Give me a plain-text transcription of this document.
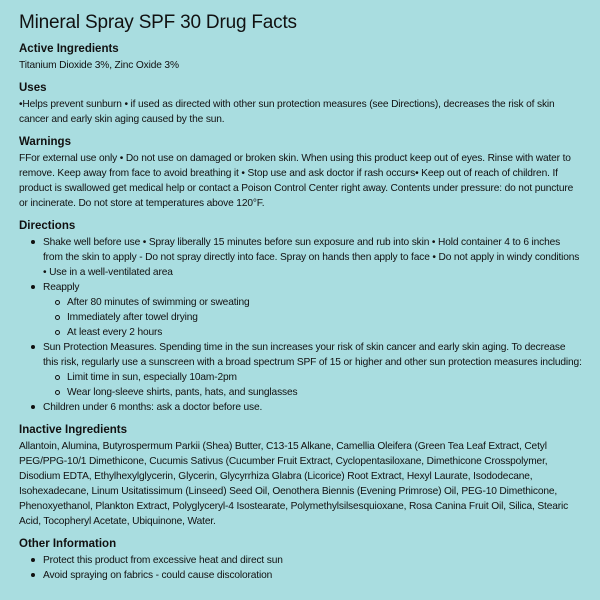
Mineral Spray SPF 30 Drug Facts
Active Ingredients

Titanium Dioxide 3%, Zinc Oxide 3%

Uses

•Helps prevent sunburn • if used as directed with other sun protection measures (see Directions), decreases the risk of skin cancer and early skin aging caused by the sun.

Warnings

FFor external use only • Do not use on damaged or broken skin. When using this product keep out of eyes. Rinse with water to remove. Keep away from face to avoid breathing it • Stop use and ask doctor if rash occurs• Keep out of reach of children. If product is swallowed get medical help or contact a Poison Control Center right away. Contents under pressure: do not puncture or incinerate. Do not store at temperatures above 120°F.

Directions
Shake well before use • Spray liberally 15 minutes before sun exposure and rub into skin • Hold container 4 to 6 inches from the skin to apply - Do not spray directly into face. Spray on hands then apply to face • Do not apply in windy conditions • Use in a well-ventilated area
Reapply
After 80 minutes of swimming or sweating
Immediately after towel drying
At least every 2 hours
Sun Protection Measures. Spending time in the sun increases your risk of skin cancer and early skin aging. To decrease this risk, regularly use a sunscreen with a broad spectrum SPF of 15 or higher and other sun protection measures including:
Limit time in sun, especially 10am-2pm
Wear long-sleeve shirts, pants, hats, and sunglasses
Children under 6 months: ask a doctor before use.
Inactive Ingredients

Allantoin, Alumina, Butyrospermum Parkii (Shea) Butter, C13-15 Alkane, Camellia Oleifera (Green Tea Leaf Extract, Cetyl PEG/PPG-10/1 Dimethicone, Cucumis Sativus (Cucumber Fruit Extract, Cyclopentasiloxane, Dimethicone Crosspolymer, Disodium EDTA, Ethylhexylglycerin, Glycerin, Glycyrrhiza Glabra (Licorice) Root Extract, Hexyl Laurate, Isododecane, Isohexadecane, Linum Usitatissimum (Linseed) Seed Oil, Oenothera Biennis (Evening Primrose) Oil, PEG-10 Dimethicone, Phenoxyethanol, Plankton Extract, Polyglyceryl-4 Isostearate, Polymethylsilsesquioxane, Rosa Canina Fruit Oil, Silica, Stearic Acid, Tocopheryl Acetate, Ubiquinone, Water.

Other Information
Protect this product from excessive heat and direct sun
Avoid spraying on fabrics - could cause discoloration
